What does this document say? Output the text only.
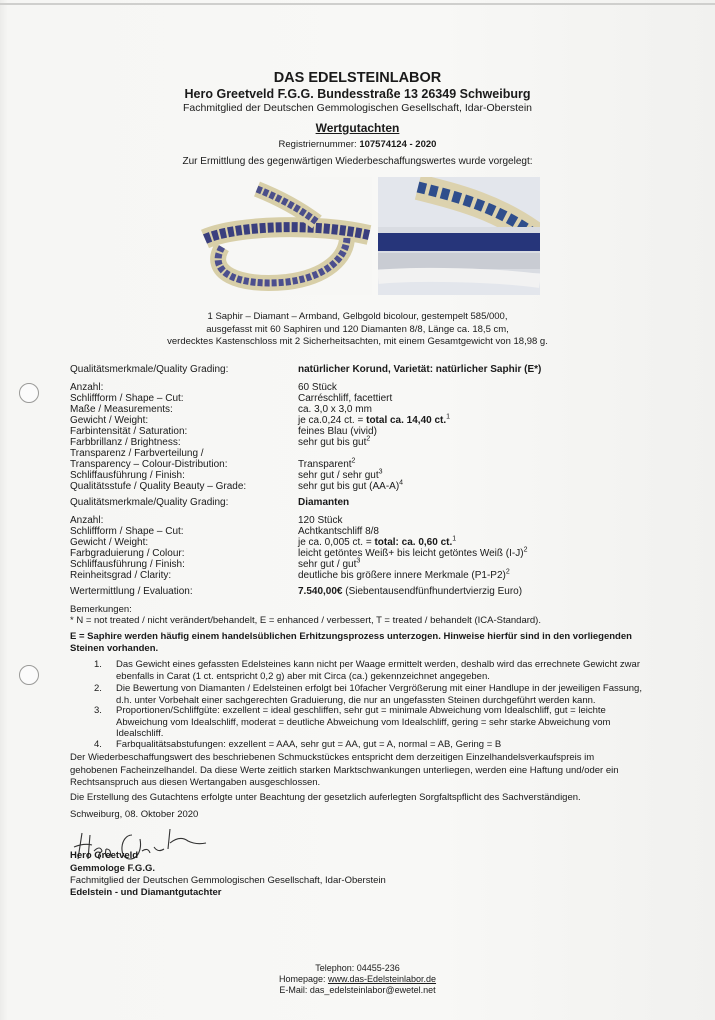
DAS EDELSTEINLABOR
Hero Greetveld F.G.G. Bundesstraße 13 26349 Schweiburg
Fachmitglied der Deutschen Gemmologischen Gesellschaft, Idar-Oberstein
Wertgutachten
Registriernummer: 107574124 - 2020
Zur Ermittlung des gegenwärtigen Wiederbeschaffungswertes wurde vorgelegt:
1 Saphir – Diamant – Armband, Gelbgold bicolour, gestempelt 585/000,
ausgefasst mit 60 Saphiren und 120 Diamanten 8/8, Länge ca. 18,5 cm,
verdecktes Kastenschloss mit 2 Sicherheitsachten, mit einem Gesamtgewicht von 18,98 g.
Qualitätsmerkmale/Quality Grading:	natürlicher Korund, Varietät: natürlicher Saphir (E*)
Anzahl:	60 Stück
Schliffform / Shape – Cut:	Carréschliff, facettiert
Maße / Measurements:	ca. 3,0 x 3,0 mm
Gewicht / Weight:	je ca.0,24 ct. = total ca. 14,40 ct.$^1$
Farbintensität / Saturation:	feines Blau (vivid)
Farbbrillanz / Brightness:	sehr gut bis gut$^2$
Transparenz / Farbverteilung /
Transparency – Colour-Distribution:	Transparent$^2$
Schliffausführung / Finish:	sehr gut / sehr gut$^3$
Qualitätsstufe / Quality Beauty – Grade:	sehr gut bis gut $(AA-A)^4$
Qualitätsmerkmale/Quality Grading:	Diamanten
Anzahl:	120 Stück
Schliffform / Shape – Cut:	Achtkantschliff 8/8
Gewicht / Weight:	je ca. 0,005 ct. = total: ca. 0,60 ct.$^1$
Farbgraduierung / Colour:	leicht getöntes Weiß+ bis leicht getöntes Weiß $(I-J)^2$
Schliffausführung / Finish:	sehr gut / gut$^3$
Reinheitsgrad / Clarity:	deutliche bis größere innere Merkmale $(P1-P2)^2$
Wertermittlung / Evaluation:	7.540,00€ (Siebentausendfünfhundertvierzig Euro)
Bemerkungen:
* N = not treated / nicht verändert/behandelt, E = enhanced / verbessert, T = treated / behandelt (ICA-Standard).
E = Saphire werden häufig einem handelsüblichen Erhitzungsprozess unterzogen. Hinweise hierfür sind in den vorliegenden
Steinen vorhanden.
1. Das Gewicht eines gefassten Edelsteines kann nicht per Waage ermittelt werden, deshalb wird das errechnete Gewicht zwar
ebenfalls in Carat (1 ct. entspricht 0,2 g) aber mit Circa (ca.) gekennzeichnet angegeben.
2. Die Bewertung von Diamanten / Edelsteinen erfolgt bei 10facher Vergrößerung mit einer Handlupe in der jeweiligen Fassung,
d.h. unter Vorbehalt einer sachgerechten Graduierung, die nur an ungefassten Steinen durchgeführt werden kann.
3. Proportionen/Schliffgüte: exzellent = ideal geschliffen, sehr gut = minimale Abweichung vom Idealschliff, gut = leichte
Abweichung vom Idealschliff, moderat = deutliche Abweichung vom Idealschliff, gering = sehr starke Abweichung vom
Idealschliff.
4. Farbqualitätsabstufungen: exzellent = AAA, sehr gut = AA, gut = A, normal = AB, Gering = B
Der Wiederbeschaffungswert des beschriebenen Schmuckstückes entspricht dem derzeitigen Einzelhandelsverkaufspreis im
gehobenen Facheinzelhandel. Da diese Werte zeitlich starken Marktschwankungen unterliegen, werden eine Haftung und/oder ein
Rechtsanspruch aus diesen Wertangaben ausgeschlossen.
Die Erstellung des Gutachtens erfolgte unter Beachtung der gesetzlich auferlegten Sorgfaltspflicht des Sachverständigen.
Schweiburg, 08. Oktober 2020
Hero Greetveld
Gemmologe F.G.G.
Fachmitglied der Deutschen Gemmologischen Gesellschaft, Idar-Oberstein
Edelstein - und Diamantgutachter
Telephon: 04455-236
Homepage: www.das-Edelsteinlabor.de
E-Mail: das_edelsteinlabor@ewetel.net
